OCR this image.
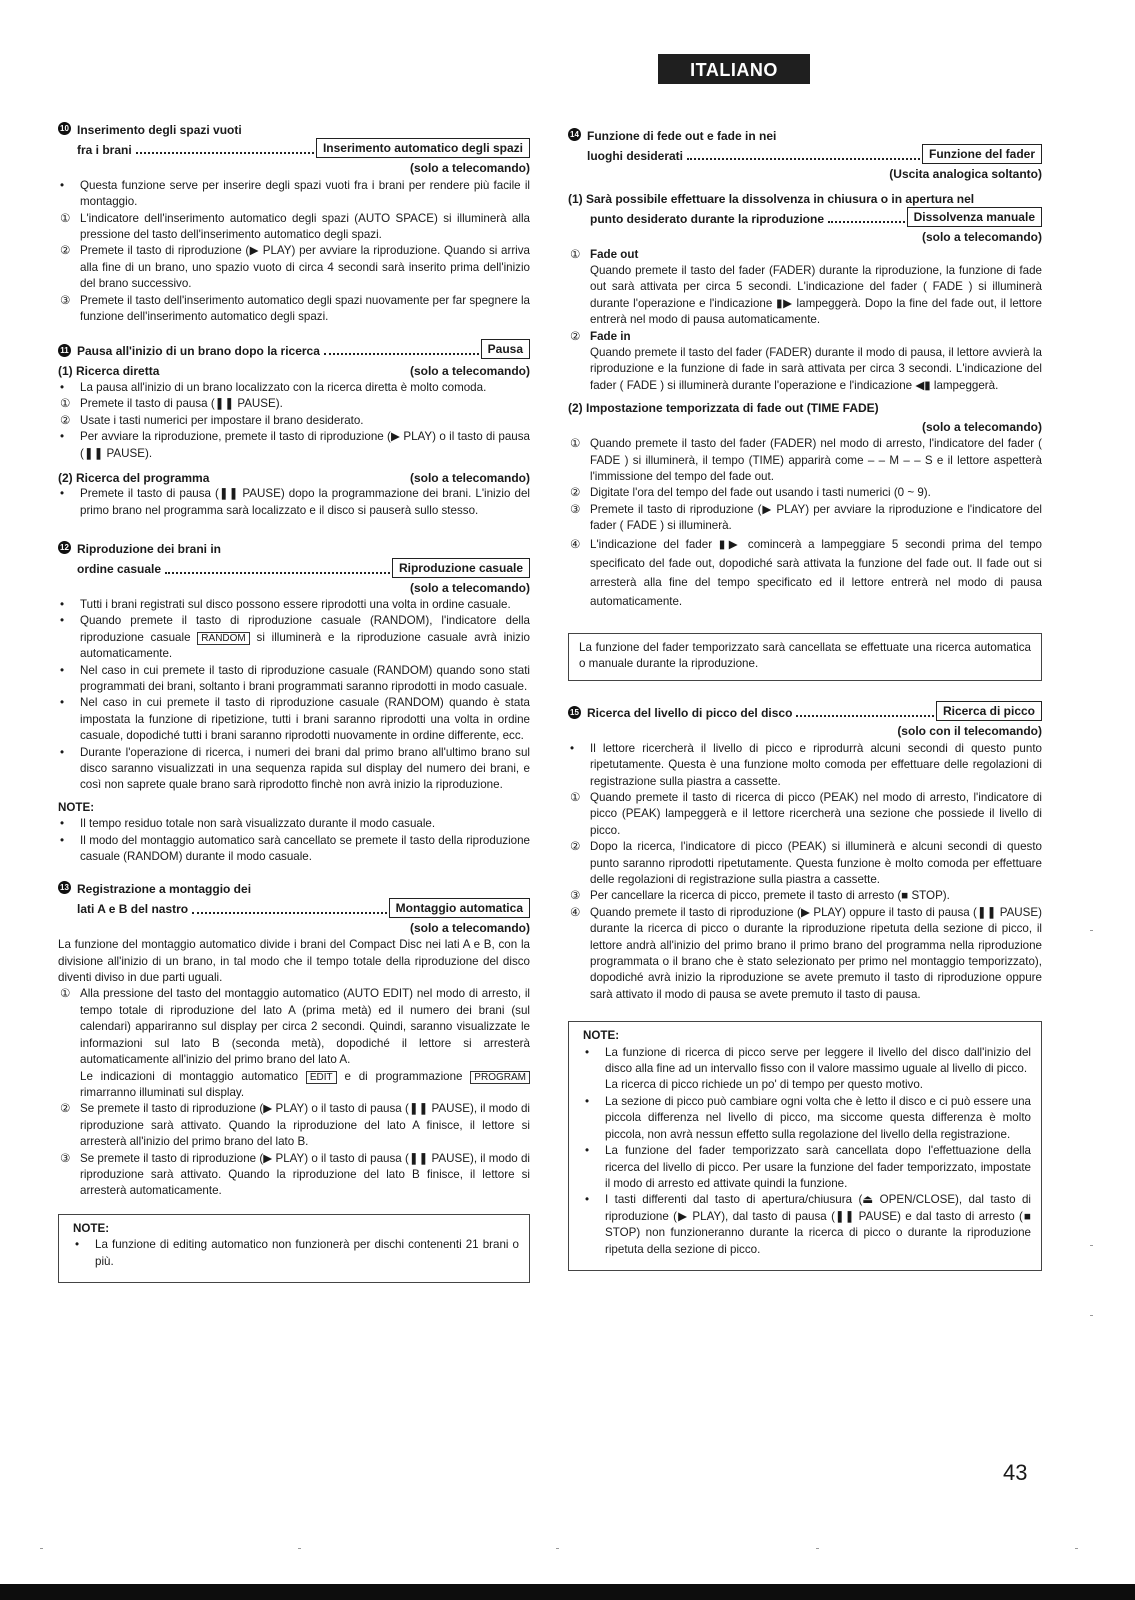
ITALIANO
10 Inserimento degli spazi vuoti
fra i brani	Inserimento automatico degli spazi
(solo a telecomando)
•	Questa funzione serve per inserire degli spazi vuoti fra i brani per rendere più facile il montaggio.
① L'indicatore dell'inserimento automatico degli spazi (AUTO SPACE) si illuminerà alla pressione del tasto dell'inserimento automatico degli spazi.
② Premete il tasto di riproduzione (▶ PLAY) per avviare la riproduzione. Quando si arriva alla fine di un brano, uno spazio vuoto di circa 4 secondi sarà inserito prima dell'inizio del brano successivo.
③ Premete il tasto dell'inserimento automatico degli spazi nuovamente per far spegnere la funzione dell'inserimento automatico degli spazi.
11 Pausa all'inizio di un brano dopo la ricerca	Pausa
(1) Ricerca diretta	(solo a telecomando)
•	La pausa all'inizio di un brano localizzato con la ricerca diretta è molto comoda.
① Premete il tasto di pausa (❚❚ PAUSE).
② Usate i tasti numerici per impostare il brano desiderato.
•	Per avviare la riproduzione, premete il tasto di riproduzione (▶ PLAY) o il tasto di pausa (❚❚ PAUSE).
(2) Ricerca del programma	(solo a telecomando)
•	Premete il tasto di pausa (❚❚ PAUSE) dopo la programmazione dei brani. L'inizio del primo brano nel programma sarà localizzato e il disco si pauserà sullo stesso.
12 Riproduzione dei brani in
ordine casuale	Riproduzione casuale
(solo a telecomando)
•	Tutti i brani registrati sul disco possono essere riprodotti una volta in ordine casuale.
•	Quando premete il tasto di riproduzione casuale (RANDOM), l'indicatore della riproduzione casuale RANDOM si illuminerà e la riproduzione casuale avrà inizio automaticamente.
•	Nel caso in cui premete il tasto di riproduzione casuale (RANDOM) quando sono stati programmati dei brani, soltanto i brani programmati saranno riprodotti in modo casuale.
•	Nel caso in cui premete il tasto di riproduzione casuale (RANDOM) quando è stata impostata la funzione di ripetizione, tutti i brani saranno riprodotti una volta in ordine casuale, dopodiché tutti i brani saranno riprodotti nuovamente in ordine differente, ecc.
•	Durante l'operazione di ricerca, i numeri dei brani dal primo brano all'ultimo brano sul disco saranno visualizzati in una sequenza rapida sul display del numero dei brani, e così non saprete quale brano sarà riprodotto finchè non avrà inizio la riproduzione.
NOTE:
•	Il tempo residuo totale non sarà visualizzato durante il modo casuale.
•	Il modo del montaggio automatico sarà cancellato se premete il tasto della riproduzione casuale (RANDOM) durante il modo casuale.
13 Registrazione a montaggio dei
lati A e B del nastro	Montaggio automatica
(solo a telecomando)
La funzione del montaggio automatico divide i brani del Compact Disc nei lati A e B, con la divisione all'inizio di un brano, in tal modo che il tempo totale della riproduzione del disco diventi diviso in due parti uguali.
① Alla pressione del tasto del montaggio automatico (AUTO EDIT) nel modo di arresto, il tempo totale di riproduzione del lato A (prima metà) ed il numero dei brani (sul calendari) appariranno sul display per circa 2 secondi. Quindi, saranno visualizzate le informazioni sul lato B (seconda metà), dopodiché il lettore si arresterà automaticamente all'inizio del primo brano del lato A.
Le indicazioni di montaggio automatico EDIT e di programmazione PROGRAM rimarranno illuminati sul display.
② Se premete il tasto di riproduzione (▶ PLAY) o il tasto di pausa (❚❚ PAUSE), il modo di riproduzione sarà attivato. Quando la riproduzione del lato A finisce, il lettore si arresterà all'inizio del primo brano del lato B.
③ Se premete il tasto di riproduzione (▶ PLAY) o il tasto di pausa (❚❚ PAUSE), il modo di riproduzione sarà attivato. Quando la riproduzione del lato B finisce, il lettore si arresterà automaticamente.
NOTE:
•	La funzione di editing automatico non funzionerà per dischi contenenti 21 brani o più.
14 Funzione di fede out e fade in nei
luoghi desiderati	Funzione del fader
(Uscita analogica soltanto)
(1) Sarà possibile effettuare la dissolvenza in chiusura o in apertura nel
punto desiderato durante la riproduzione	Dissolvenza manuale
(solo a telecomando)
① Fade out
Quando premete il tasto del fader (FADER) durante la riproduzione, la funzione di fade out sarà attivata per circa 5 secondi. L'indicazione del fader ( FADE ) si illuminerà durante l'operazione e l'indicazione ▮▶ lampeggerà. Dopo la fine del fade out, il lettore entrerà nel modo di pausa automaticamente.
② Fade in
Quando premete il tasto del fader (FADER) durante il modo di pausa, il lettore avvierà la riproduzione e la funzione di fade in sarà attivata per circa 3 secondi. L'indicazione del fader ( FADE ) si illuminerà durante l'operazione e l'indicazione ◀▮ lampeggerà.
(2) Impostazione temporizzata di fade out (TIME FADE)
(solo a telecomando)
① Quando premete il tasto del fader (FADER) nel modo di arresto, l'indicatore del fader ( FADE ) si illuminerà, il tempo (TIME) apparirà come – – M – – S e il lettore aspetterà l'immissione del tempo del fade out.
② Digitate l'ora del tempo del fade out usando i tasti numerici (0 ~ 9).
③ Premete il tasto di riproduzione (▶ PLAY) per avviare la riproduzione e l'indicatore del fader ( FADE ) si illuminerà.
④ L'indicazione del fader ▮▶ comincerà a lampeggiare 5 secondi prima del tempo specificato del fade out, dopodiché sarà attivata la funzione del fade out. Il fade out si arresterà alla fine del tempo specificato ed il lettore entrerà nel modo di pausa automaticamente.
La funzione del fader temporizzato sarà cancellata se effettuate una ricerca automatica o manuale durante la riproduzione.
15 Ricerca del livello di picco del disco	Ricerca di picco
(solo con il telecomando)
•	Il lettore ricercherà il livello di picco e riprodurrà alcuni secondi di questo punto ripetutamente. Questa è una funzione molto comoda per effettuare delle regolazioni di registrazione sulla piastra a cassette.
① Quando premete il tasto di ricerca di picco (PEAK) nel modo di arresto, l'indicatore di picco (PEAK) lampeggerà e il lettore ricercherà una sezione che possiede il livello di picco.
② Dopo la ricerca, l'indicatore di picco (PEAK) si illuminerà e alcuni secondi di questo punto saranno riprodotti ripetutamente. Questa funzione è molto comoda per effettuare delle regolazioni di registrazione sulla piastra a cassette.
③ Per cancellare la ricerca di picco, premete il tasto di arresto (■ STOP).
④ Quando premete il tasto di riproduzione (▶ PLAY) oppure il tasto di pausa (❚❚ PAUSE) durante la ricerca di picco o durante la riproduzione ripetuta della sezione di picco, il lettore andrà all'inizio del primo brano il primo brano del programma nella riproduzione programmata o il brano che è stato selezionato per primo nel montaggio temporizzato), dopodiché avrà inizio la riproduzione se avete premuto il tasto di riproduzione oppure sarà attivato il modo di pausa se avete premuto il tasto di pausa.
NOTE:
•	La funzione di ricerca di picco serve per leggere il livello del disco dall'inizio del disco alla fine ad un intervallo fisso con il valore massimo uguale al livello di picco.
La ricerca di picco richiede un po' di tempo per questo motivo.
•	La sezione di picco può cambiare ogni volta che è letto il disco e ci può essere una piccola differenza nel livello di picco, ma siccome questa differenza è molto piccola, non avrà nessun effetto sulla regolazione del livello della registrazione.
•	La funzione del fader temporizzato sarà cancellata dopo l'effettuazione della ricerca del livello di picco. Per usare la funzione del fader temporizzato, impostate il modo di arresto ed attivate quindi la funzione.
•	I tasti differenti dal tasto di apertura/chiusura (⏏ OPEN/CLOSE), dal tasto di riproduzione (▶ PLAY), dal tasto di pausa (❚❚ PAUSE) e dal tasto di arresto (■ STOP) non funzioneranno durante la ricerca di picco o durante la riproduzione ripetuta della sezione di picco.
43
